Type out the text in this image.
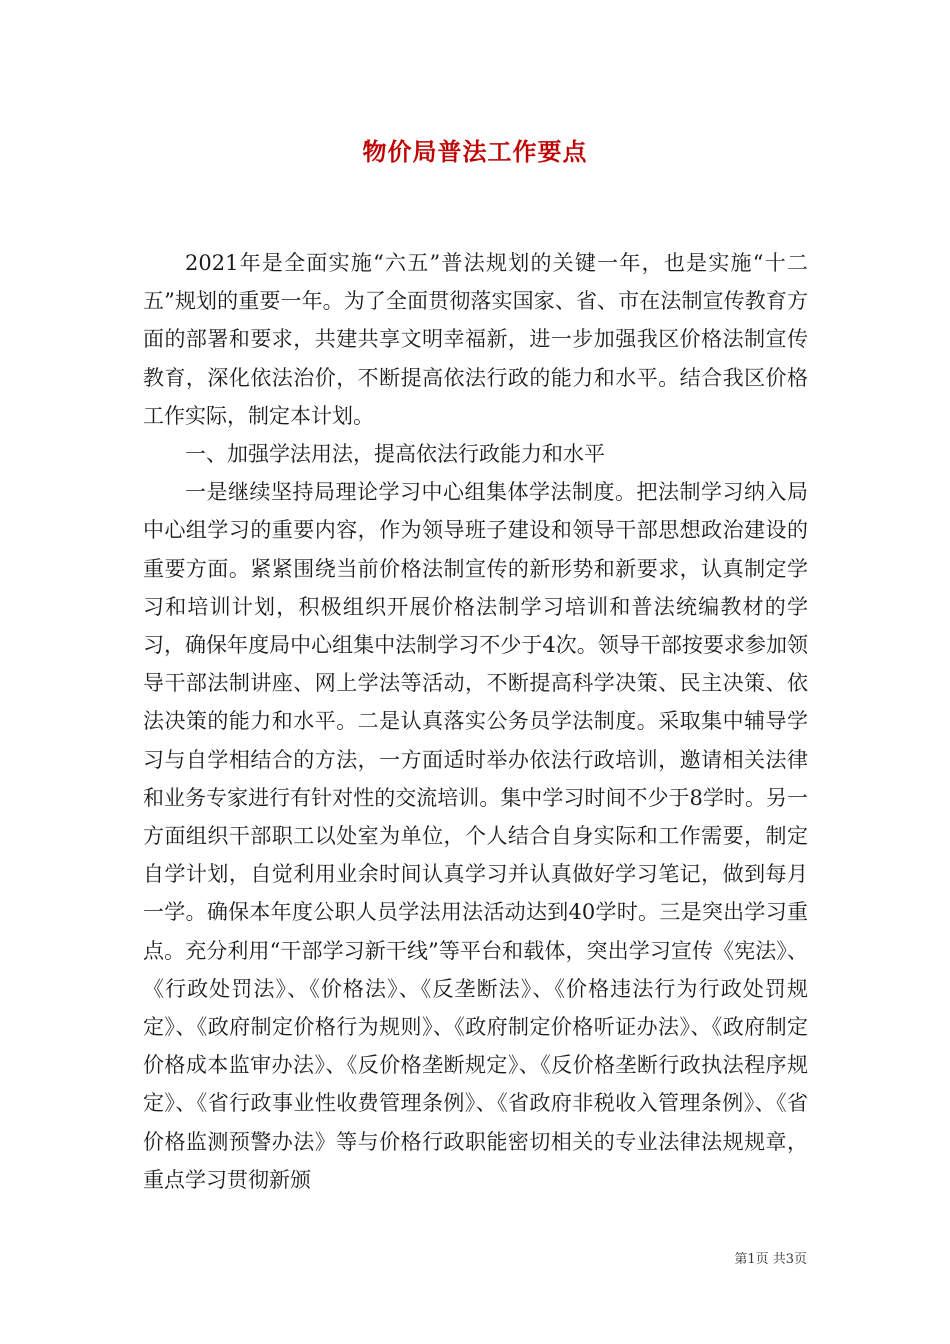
物价局普法工作要点

2021年是全面实施“六五”普法规划的关键一年，也是实施“十二五”规划的重要一年。为了全面贯彻落实国家、省、市在法制宣传教育方面的部署和要求，共建共享文明幸福新，进一步加强我区价格法制宣传教育，深化依法治价，不断提高依法行政的能力和水平。结合我区价格工作实际，制定本计划。

一、加强学法用法，提高依法行政能力和水平

一是继续坚持局理论学习中心组集体学法制度。把法制学习纳入局中心组学习的重要内容，作为领导班子建设和领导干部思想政治建设的重要方面。紧紧围绕当前价格法制宣传的新形势和新要求，认真制定学习和培训计划，积极组织开展价格法制学习培训和普法统编教材的学习，确保年度局中心组集中法制学习不少于4次。领导干部按要求参加领导干部法制讲座、网上学法等活动，不断提高科学决策、民主决策、依法决策的能力和水平。二是认真落实公务员学法制度。采取集中辅导学习与自学相结合的方法，一方面适时举办依法行政培训，邀请相关法律和业务专家进行有针对性的交流培训。集中学习时间不少于8学时。另一方面组织干部职工以处室为单位，个人结合自身实际和工作需要，制定自学计划，自觉利用业余时间认真学习并认真做好学习笔记，做到每月一学。确保本年度公职人员学法用法活动达到40学时。三是突出学习重点。充分利用“干部学习新干线”等平台和载体，突出学习宣传《宪法》、《行政处罚法》、《价格法》、《反垄断法》、《价格违法行为行政处罚规定》、《政府制定价格行为规则》、《政府制定价格听证办法》、《政府制定价格成本监审办法》、《反价格垄断规定》、《反价格垄断行政执法程序规定》、《省行政事业性收费管理条例》、《省政府非税收入管理条例》、《省价格监测预警办法》等与价格行政职能密切相关的专业法律法规规章，重点学习贯彻新颁

第1页 共3页
